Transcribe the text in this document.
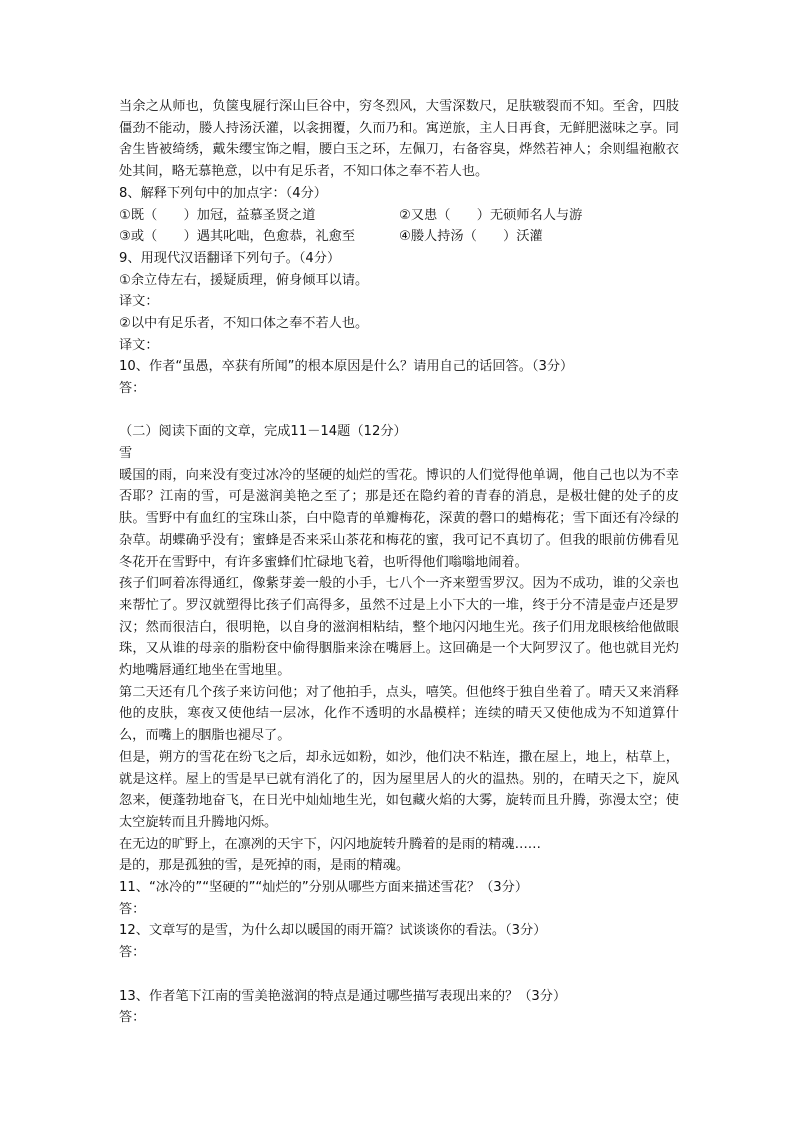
当余之从师也，负箧曳屣行深山巨谷中，穷冬烈风，大雪深数尺，足肤皲裂而不知。至舍，四肢僵劲不能动，媵人持汤沃灌，以衾拥覆，久而乃和。寓逆旅，主人日再食，无鲜肥滋味之享。同舍生皆被绮绣，戴朱缨宝饰之帽，腰白玉之环，左佩刀，右备容臭，烨然若神人；余则缊袍敝衣处其间，略无慕艳意，以中有足乐者，不知口体之奉不若人也。
8、解释下列句中的加点字：（4分）
①既（　　）加冠，益慕圣贤之道	②又患（　　）无硕师名人与游
③或（　　）遇其叱咄，色愈恭，礼愈至	④媵人持汤（　　）沃灌
9、用现代汉语翻译下列句子。（4分）
①余立侍左右，援疑质理，俯身倾耳以请。
译文：
②以中有足乐者，不知口体之奉不若人也。
译文：
10、作者“虽愚，卒获有所闻”的根本原因是什么？请用自己的话回答。（3分）
答：
（二）阅读下面的文章，完成11－14题（12分）
雪
暖国的雨，向来没有变过冰冷的坚硬的灿烂的雪花。博识的人们觉得他单调，他自己也以为不幸否耶？江南的雪，可是滋润美艳之至了；那是还在隐约着的青春的消息，是极壮健的处子的皮肤。雪野中有血红的宝珠山茶，白中隐青的单瓣梅花，深黄的磬口的蜡梅花；雪下面还有冷绿的杂草。胡蝶确乎没有；蜜蜂是否来采山茶花和梅花的蜜，我可记不真切了。但我的眼前仿佛看见冬花开在雪野中，有许多蜜蜂们忙碌地飞着，也听得他们嗡嗡地闹着。
孩子们呵着冻得通红，像紫芽姜一般的小手，七八个一齐来塑雪罗汉。因为不成功，谁的父亲也来帮忙了。罗汉就塑得比孩子们高得多，虽然不过是上小下大的一堆，终于分不清是壶卢还是罗汉；然而很洁白，很明艳，以自身的滋润相粘结，整个地闪闪地生光。孩子们用龙眼核给他做眼珠，又从谁的母亲的脂粉奁中偷得胭脂来涂在嘴唇上。这回确是一个大阿罗汉了。他也就目光灼灼地嘴唇通红地坐在雪地里。
第二天还有几个孩子来访问他；对了他拍手，点头，嘻笑。但他终于独自坐着了。晴天又来消释他的皮肤，寒夜又使他结一层冰，化作不透明的水晶模样；连续的晴天又使他成为不知道算什么，而嘴上的胭脂也褪尽了。
但是，朔方的雪花在纷飞之后，却永远如粉，如沙，他们决不粘连，撒在屋上，地上，枯草上，就是这样。屋上的雪是早已就有消化了的，因为屋里居人的火的温热。别的，在晴天之下，旋风忽来，便蓬勃地奋飞，在日光中灿灿地生光，如包藏火焰的大雾，旋转而且升腾，弥漫太空；使太空旋转而且升腾地闪烁。
在无边的旷野上，在凛冽的天宇下，闪闪地旋转升腾着的是雨的精魂……
是的，那是孤独的雪，是死掉的雨，是雨的精魂。
11、“冰冷的”“坚硬的”“灿烂的”分别从哪些方面来描述雪花？（3分）
答：
12、文章写的是雪，为什么却以暖国的雨开篇？试谈谈你的看法。（3分）
答：
13、作者笔下江南的雪美艳滋润的特点是通过哪些描写表现出来的？（3分）
答：
